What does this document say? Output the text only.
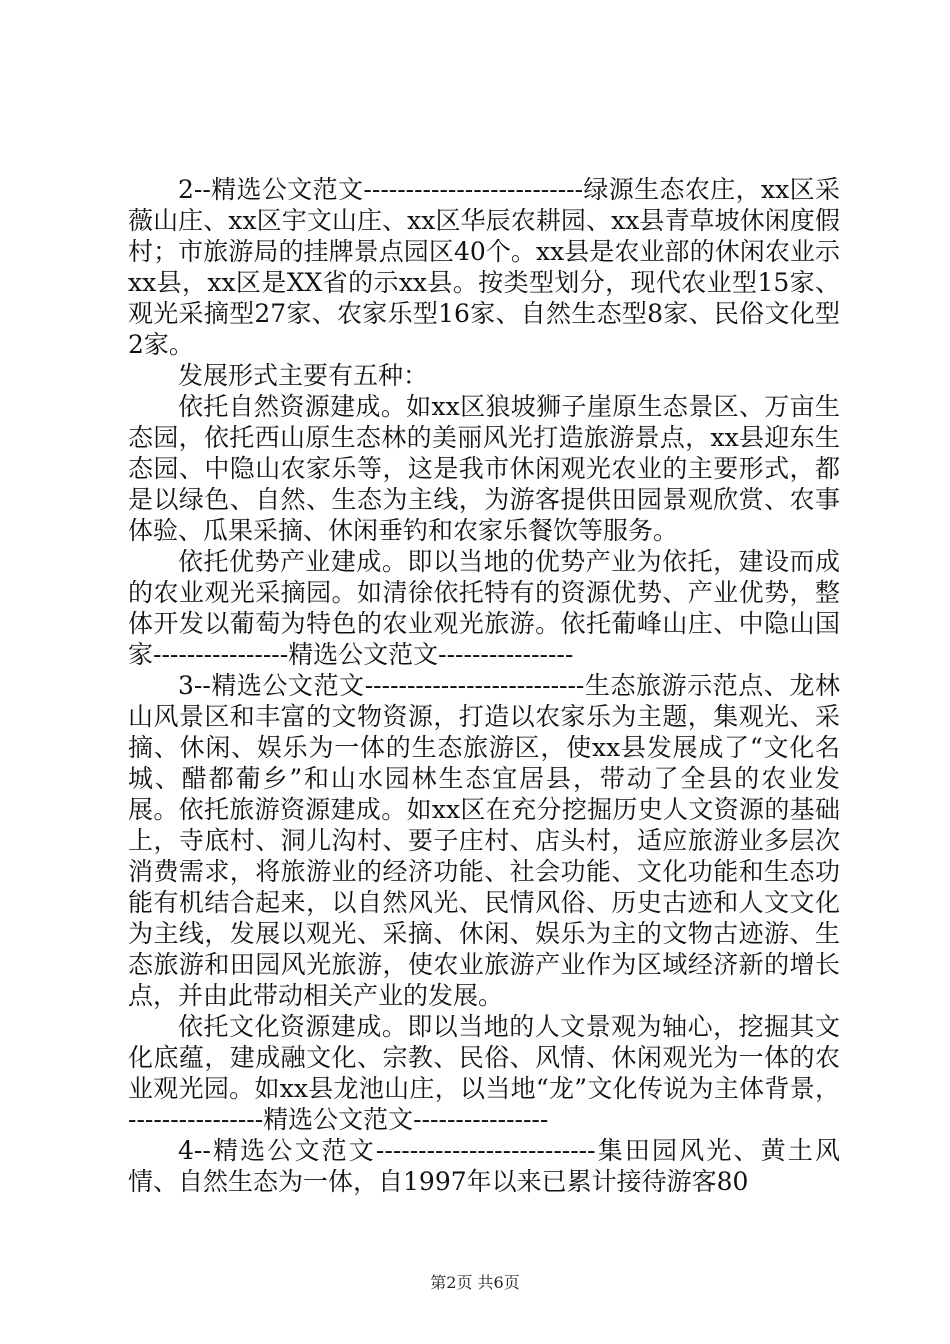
2--精选公文范文--------------------------绿源生态农庄，xx区采薇山庄、xx区宇文山庄、xx区华辰农耕园、xx县青草坡休闲度假村；市旅游局的挂牌景点园区40个。xx县是农业部的休闲农业示xx县，xx区是XX省的示xx县。按类型划分，现代农业型15家、观光采摘型27家、农家乐型16家、自然生态型8家、民俗文化型2家。

发展形式主要有五种：

依托自然资源建成。如xx区狼坡狮子崖原生态景区、万亩生态园，依托西山原生态林的美丽风光打造旅游景点，xx县迎东生态园、中隐山农家乐等，这是我市休闲观光农业的主要形式，都是以绿色、自然、生态为主线，为游客提供田园景观欣赏、农事体验、瓜果采摘、休闲垂钓和农家乐餐饮等服务。

依托优势产业建成。即以当地的优势产业为依托，建设而成的农业观光采摘园。如清徐依托特有的资源优势、产业优势，整体开发以葡萄为特色的农业观光旅游。依托葡峰山庄、中隐山国家----------------精选公文范文----------------

3--精选公文范文--------------------------生态旅游示范点、龙林山风景区和丰富的文物资源，打造以农家乐为主题，集观光、采摘、休闲、娱乐为一体的生态旅游区，使xx县发展成了“文化名城、醋都葡乡”和山水园林生态宜居县，带动了全县的农业发展。依托旅游资源建成。如xx区在充分挖掘历史人文资源的基础上，寺底村、洞儿沟村、要子庄村、店头村，适应旅游业多层次消费需求，将旅游业的经济功能、社会功能、文化功能和生态功能有机结合起来，以自然风光、民情风俗、历史古迹和人文文化为主线，发展以观光、采摘、休闲、娱乐为主的文物古迹游、生态旅游和田园风光旅游，使农业旅游产业作为区域经济新的增长点，并由此带动相关产业的发展。

依托文化资源建成。即以当地的人文景观为轴心，挖掘其文化底蕴，建成融文化、宗教、民俗、风情、休闲观光为一体的农业观光园。如xx县龙池山庄，以当地“龙”文化传说为主体背景，----------------精选公文范文----------------

4--精选公文范文--------------------------集田园风光、黄土风情、自然生态为一体，自1997年以来已累计接待游客80

第2页 共6页
